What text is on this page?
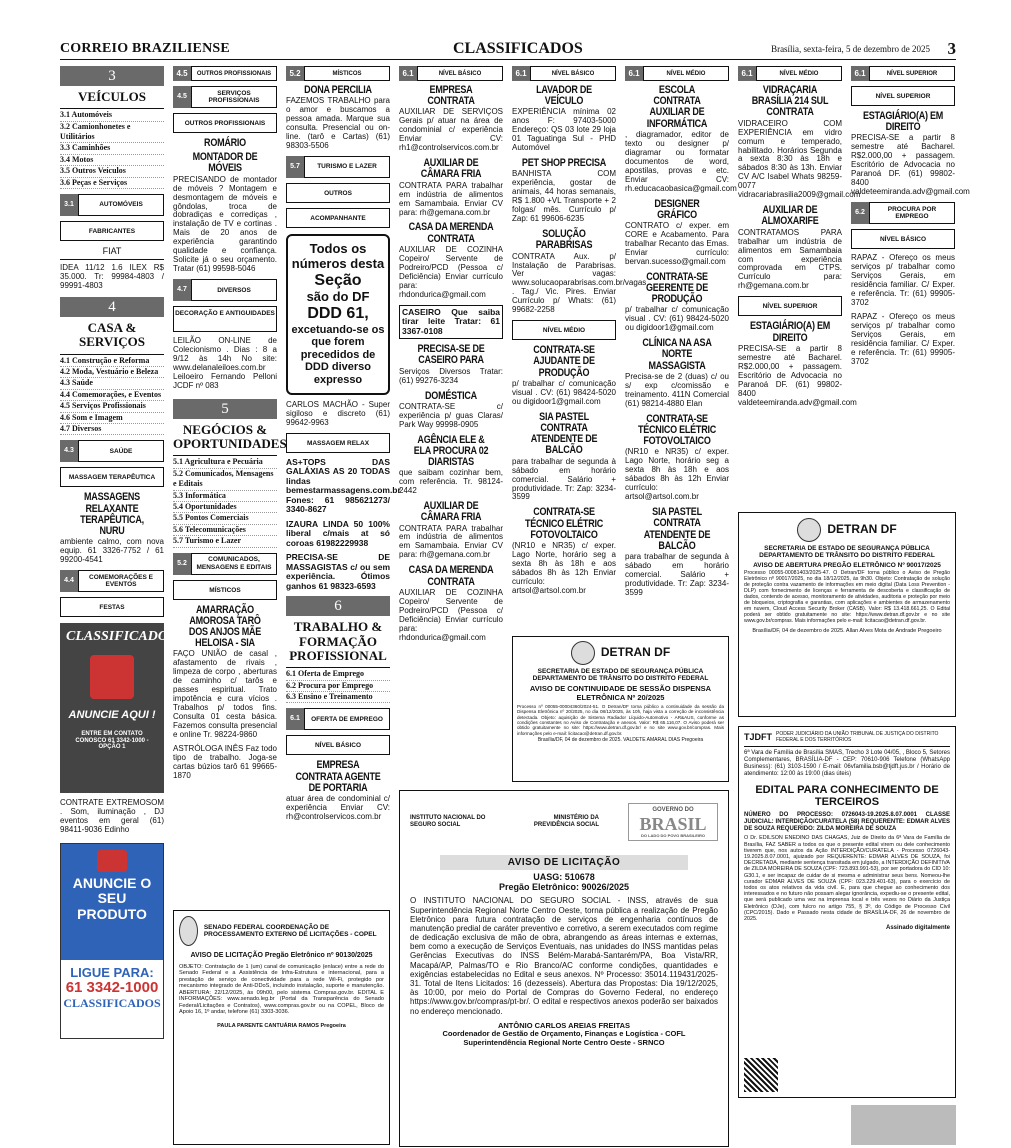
CORREIO BRAZILIENSE	CLASSIFICADOS	Brasília, sexta-feira, 5 de dezembro de 2025 3
3
VEÍCULOS
3.1 Automóveis
3.2 Camionhonetes e Utilitários
3.3 Caminhões
3.4 Motos
3.5 Outros Veículos
3.6 Peças e Serviços
3.1	AUTOMÓVEIS
FABRICANTES
FIAT

IDEA 11/12 1.6 ILEX R$ 35.000. Tr: 99984-4803 / 99991-4803

4
CASA & SERVIÇOS
4.1 Construção e Reforma
4.2 Moda, Vestuário e Beleza
4.3 Saúde
4.4 Comemorações, e Eventos
4.5 Serviços Profissionais
4.6 Som e Imagem
4.7 Diversos
4.3	SAÚDE
MASSAGEM TERAPÊUTICA
MASSAGENS RELAXANTE TERAPÊUTICA, NURU

ambiente calmo, com nova equip. 61 3326-7752 / 61 99200-4541

4.4	COMEMORAÇÕES E EVENTOS
FESTAS
CLASSIFICADOS
ANUNCIE AQUI !
ENTRE EM CONTATO CONOSCO 61 3342-1000 - OPÇÃO 1

CONTRATE EXTREMOSOM . Som, iluminação , DJ eventos em geral (61) 98411-9036 Edinho

ANUNCIE O SEU PRODUTO
LIGUE PARA:
61 3342-1000
CLASSIFICADOS
4.5	OUTROS PROFISSIONAIS
4.5	SERVIÇOS PROFISSIONAIS
OUTROS PROFISSIONAIS
ROMÁRIO
MONTADOR DE MÓVEIS

PRECISANDO de montador de móveis ? Montagem e desmontagem de móveis e gôndolas, troca de dobradiças e corrediças , instalação de TV e cortinas . Mais de 20 anos de experiência garantindo qualidade e confiança. Solicite já o seu orçamento. Tratar (61) 99598-5046

4.7	DIVERSOS
DECORAÇÃO E ANTIGUIDADES

LEILÃO ON-LINE de Colecionismo . Dias : 8 a 9/12 às 14h No site: www.delanaleiloes.com.br Leiloeiro Fernando Pelloni JCDF nº 083

5
NEGÓCIOS & OPORTUNIDADES
5.1 Agricultura e Pecuária
5.2 Comunicados, Mensagens e Editais
5.3 Informática
5.4 Oportunidades
5.5 Pontos Comerciais
5.6 Telecomunicações
5.7 Turismo e Lazer
5.2	COMUNICADOS, MENSAGENS E EDITAIS
MÍSTICOS
AMARRAÇÃO AMOROSA TARÔ DOS ANJOS MÃE HELOISA - SIA

FAÇO UNIÃO de casal , afastamento de rivais , limpeza de corpo , aberturas de caminho c/ tarôs e passes espiritual. Trato impotência e cura vícios . Trabalhos p/ todos fins. Consulta 01 cesta básica. Fazemos consulta presencial e online Tr. 98224-9860

ASTRÓLOGA INÊS Faz todo tipo de trabalho. Joga-se cartas búzios tarô 61 99665-1870

5.2	MÍSTICOS
DONA PERCILIA

FAZEMOS TRABALHO para o amor e buscamos a pessoa amada. Marque sua consulta. Presencial ou on-line. (tarô e Cartas) (61) 98303-5506

5.7	TURISMO E LAZER
OUTROS
ACOMPANHANTE
Todos os números desta
Seção
são do DF
DDD 61,
excetuando-se os que forem precedidos de DDD diverso expresso

CARLOS MACHÃO - Super sigiloso e discreto (61) 99642-9963

MASSAGEM RELAX

AS+TOPS DAS GALÁXIAS AS 20 TODAS lindas bemestarmassagens.com.br Fones: 61 985621273/ 3340-8627

IZAURA LINDA 50 100% liberal c/mais at só coroas 61982229938

PRECISA-SE DE MASSAGISTAS c/ ou sem experiência. Ótimos ganhos 61 98323-6593

6
TRABALHO & FORMAÇÃO PROFISSIONAL
6.1 Oferta de Emprego
6.2 Procura por Emprego
6.3 Ensino e Treinamento
6.1	OFERTA DE EMPREGO
NÍVEL BÁSICO
EMPRESA CONTRATA AGENTE DE PORTARIA

atuar área de condominial c/ experiência Enviar CV: rh@controlservicos.com.br

6.1	NÍVEL BÁSICO
EMPRESA CONTRATA

AUXILIAR DE SERVIÇOS Gerais p/ atuar na área de condominial c/ experiência Enviar CV: rh1@controlservicos.com.br

AUXILIAR DE CÂMARA FRIA

CONTRATA PARA trabalhar em indústria de alimentos em Samambaia. Enviar CV para: rh@gemana.com.br

CASA DA MERENDA CONTRATA

AUXILIAR DE COZINHA Copeiro/ Servente de Podreiro/PCD (Pessoa c/ Deficiência) Enviar currículo para: rhdondurica@gmail.com

CASEIRO Que saiba tirar leite Tratar: 61 3367-0108

PRECISA-SE DE CASEIRO PARA

Serviços Diversos Tratar: (61) 99276-3234

DOMÉSTICA

CONTRATA-SE c/ experiência p/ guas Claras/ Park Way 99998-0905

AGÊNCIA ELE & ELA PROCURA 02 DIARISTAS

que saibam cozinhar bem, com referência. Tr. 98124-2442

AUXILIAR DE CÂMARA FRIA

CONTRATA PARA trabalhar em indústria de alimentos em Samambaia. Enviar CV para: rh@gemana.com.br

CASA DA MERENDA CONTRATA

AUXILIAR DE COZINHA Copeiro/ Servente de Podreiro/PCD (Pessoa c/ Deficiência) Enviar currículo para: rhdondurica@gmail.com

6.1	NÍVEL BÁSICO
LAVADOR DE VEÍCULO

EXPERIÊNCIA mínima 02 anos F: 97403-5000 Endereço: QS 03 lote 29 loja 01 Taguatinga Sul - PHD Automóvel

PET SHOP PRECISA

BANHISTA COM experiência, gostar de animais, 44 horas semanais, R$ 1.800 +VL Transporte + 2 folgas/ mês. Currículo p/ Zap: 61 99606-6235

SOLUÇÃO PARABRISAS

CONTRATA Aux. p/ Instalação de Parabrisas. Ver vagas: www.solucaoparabrisas.com.br/vagas . Tag./ Vic. Pires. Enviar Currículo p/ Whats: (61) 99682-2258

NÍVEL MÉDIO
CONTRATA-SE AJUDANTE DE PRODUÇÃO

p/ trabalhar c/ comunicação visual . CV: (61) 98424-5020 ou digidoor1@gmail.com

SIA PASTEL CONTRATA ATENDENTE DE BALCÃO

para trabalhar de segunda à sábado em horário comercial. Salário + produtividade. Tr: Zap: 3234-3599

CONTRATA-SE TÉCNICO ELÉTRIC FOTOVOLTAICO

(NR10 e NR35) c/ exper. Lago Norte, horário seg a sexta 8h às 18h e aos sábados 8h às 12h Enviar currículo: artsol@artsol.com.br

6.1	NÍVEL MÉDIO
ESCOLA CONTRATA AUXILIAR DE INFORMÁTICA

, diagramador, editor de texto ou designer p/ diagramar ou formatar documentos de word, apostilas, provas e etc. Enviar CV: rh.educacaobasica@gmail.com

DESIGNER GRÁFICO

CONTRATO c/ exper. em CORE e Acabamento. Para trabalhar Recanto das Emas. Enviar currículo: bervan.sucesso@gmail.com

CONTRATA-SE GEERENTE DE PRODUÇÃO

p/ trabalhar c/ comunicação visual . CV: (61) 98424-5020 ou digidoor1@gmail.com

CLÍNICA NA ASA NORTE MASSAGISTA

Precisa-se de 2 (duas) c/ ou s/ exp c/comissão e treinamento. 411N Comercial (61) 98214-4880 Elan

CONTRATA-SE TÉCNICO ELÉTRIC FOTOVOLTAICO

(NR10 e NR35) c/ exper. Lago Norte, horário seg a sexta 8h às 18h e aos sábados 8h às 12h Enviar currículo: artsol@artsol.com.br

SIA PASTEL CONTRATA ATENDENTE DE BALCÃO

para trabalhar de segunda à sábado em horário comercial. Salário + produtividade. Tr: Zap: 3234-3599

6.1	NÍVEL MÉDIO
VIDRAÇARIA BRASÍLIA 214 SUL CONTRATA

VIDRACEIRO COM EXPERIÊNCIA em vidro comum e temperado, habilitado. Horários Segunda a sexta 8:30 às 18h e sábados 8:30 às 13h. Enviar CV A/C Isabel Whats 98259-0077 vidracariabrasilia2009@gmail.com

AUXILIAR DE ALMOXARIFE

CONTRATAMOS PARA trabalhar um indústria de alimentos em Samambaia com experiência comprovada em CTPS. Currículo para: rh@gemana.com.br

NÍVEL SUPERIOR
ESTAGIÁRIO(A) EM DIREITO

PRECISA-SE a partir 8 semestre até Bacharel. R$2.000,00 + passagem. Escritório de Advocacia no Paranoá DF. (61) 99802-8400 valdeteemiranda.adv@gmail.com

6.1	NÍVEL SUPERIOR
NÍVEL SUPERIOR
ESTAGIÁRIO(A) EM DIREITO

PRECISA-SE a partir 8 semestre até Bacharel. R$2.000,00 + passagem. Escritório de Advocacia no Paranoá DF. (61) 99802-8400 valdeteemiranda.adv@gmail.com

6.2	PROCURA POR EMPREGO
NÍVEL BÁSICO

RAPAZ - Ofereço os meus serviços p/ trabalhar como Serviços Gerais, em residência familiar. C/ Exper. e referência. Tr: (61) 99905-3702

RAPAZ - Ofereço os meus serviços p/ trabalhar como Serviços Gerais, em residência familiar. C/ Exper. e referência. Tr: (61) 99905-3702

DETRAN DF
SECRETARIA DE ESTADO DE SEGURANÇA PÚBLICA DEPARTAMENTO DE TRÂNSITO DO DISTRITO FEDERAL
AVISO DE CONTINUIDADE DE SESSÃO DISPENSA ELETRÔNICA Nº 20/2025
Processo nº 00055-00004360/2024-51. O Detran/DF torna público a continuidade da sessão da Dispensa Eletrônica nº 20/2025, no dia 08/12/2025, às 10h, haja vista a correção de inconsistência detectada. Objeto: aquisição de Sistema Radiador Líquido-Automotivo - AR&AUS, conforme as condições constantes no Aviso de Contratação e anexos. Valor: R$ 65.116,07. O Aviso poderá ser obtido gratuitamente no site: https://www.detran.df.gov.br/ e no site www.gov.br/compras. Mais informações pelo e-mail: licitacao@detran.df.gov.br.
Brasília/DF, 04 de dezembro de 2025. VALDETE AMARAL DIAS Pregoeira
DETRAN DF
SECRETARIA DE ESTADO DE SEGURANÇA PÚBLICA DEPARTAMENTO DE TRÂNSITO DO DISTRITO FEDERAL
AVISO DE ABERTURA PREGÃO ELETRÔNICO Nº 90017/2025
Processo 00055-00081403/2025-47. O Detran/DF torna público o Aviso de Pregão Eletrônico nº 90017/2025, no dia 18/12/2025, às 9h30. Objeto: Contratação de solução de proteção contra vazamento de informações em meio digital (Data Loss Prevention - DLP) com fornecimento de licenças e ferramenta de descoberta e classificação de dados, contendo de acesso, monitoramento de atividades, auditoria e proteção por meio de bloqueios, criptografia e garantias, com aplicações e ambientes de armazenamento em nuvem, Cloud Access Security Broker (CASB). Valor: R$ 13.418.661,25. O Edital poderá ser obtido gratuitamente no site: https://www.detran.df.gov.br e no site www.gov.br/compras. Mais informações pelo e-mail: licitacao@detran.df.gov.br.
Brasília/DF, 04 de dezembro de 2025. Allan Alves Mota de Andrade Pregoeiro
SENADO FEDERAL COORDENAÇÃO DE PROCESSAMENTO EXTERNO DE LICITAÇÕES - COPEL
AVISO DE LICITAÇÃO Pregão Eletrônico nº 90130/2025
OBJETO: Contratação de 1 (um) canal de comunicação (enlace) entre a rede do Senado Federal e a Assistência de Infra-Estrutura e internacional, para a prestação de serviço de conectividade para a rede Wi-Fi, protegido por mecanismo integrado de Anti-DDoS, incluindo instalação, suporte e manutenção. ABERTURA: 22/12/2025, às 09h00, pelo sistema Compras.gov.br. EDITAL E INFORMAÇÕES: www.senado.leg.br (Portal da Transparência do Senado Federal/Licitações e Contratos), www.compras.gov.br ou na COPEL, Bloco de Apoio 16, 1º andar, telefone (61) 3303-3036.
PAULA PARENTE CANTUÁRIA RAMOS Pregoeira
INSTITUTO NACIONAL DO SEGURO SOCIAL
MINISTÉRIO DA PREVIDÊNCIA SOCIAL
GOVERNO DO
BRASIL
DO LADO DO POVO BRASILEIRO
AVISO DE LICITAÇÃO
UASG: 510678
Pregão Eletrônico: 90026/2025
O INSTITUTO NACIONAL DO SEGURO SOCIAL - INSS, através de sua Superintendência Regional Norte Centro Oeste, torna pública a realização de Pregão Eletrônico para futura contratação de serviços de engenharia contínuos de manutenção predial de caráter preventivo e corretivo, a serem executados com regime de dedicação exclusiva de mão de obra, abrangendo as áreas internas e externas, bem como a execução de Serviços Eventuais, nas unidades do INSS mantidas pelas Gerências Executivas do INSS Belém-Marabá-Santarém/PA, Boa Vista/RR, Macapá/AP, Palmas/TO e Rio Branco/AC conforme condições, quantidades e exigências estabelecidas no Edital e seus anexos. Nº Processo: 35014.119431/2025-31. Total de Itens Licitados: 16 (dezesseis). Abertura das Propostas: Dia 19/12/2025, às 10:00, por meio do Portal de Compras do Governo Federal, no endereço https://www.gov.br/compras/pt-br/. O edital e respectivos anexos poderão ser baixados no endereço mencionado.
ANTÔNIO CARLOS AREIAS FREITAS
Coordenador de Gestão de Orçamento, Finanças e Logística - COFL
Superintendência Regional Norte Centro Oeste - SRNCO
TJDFT PODER JUDICIÁRIO DA UNIÃO TRIBUNAL DE JUSTIÇA DO DISTRITO FEDERAL E DOS TERRITÓRIOS
6ª Vara de Família de Brasília SMAS, Trecho 3 Lote 04/05, , Bloco 5, Setores Complementares, BRASÍLIA-DF - CEP: 70610-906 Telefone (WhatsApp Business): (61) 3103-1590 / E-mail: 06vfamilia.bsb@tjdft.jus.br / Horário de atendimento: 12:00 às 19:00 (dias úteis)
EDITAL PARA CONHECIMENTO DE TERCEIROS
NÚMERO DO PROCESSO: 0726043-19.2025.8.07.0001 CLASSE JUDICIAL: INTERDIÇÃO/CURATELA (58) REQUERENTE: EDMAR ALVES DE SOUZA REQUERIDO: ZILDA MOREIRA DE SOUZA
O Dr. EDILSON ENEDINO DAS CHAGAS, Juiz de Direito da 6ª Vara de Família de Brasília, FAZ SABER a todos os que o presente edital virem ou dele conhecimento tiverem que, nos autos da Ação INTERDIÇÃO/CURATELA - Processo 0726043-19.2025.8.07.0001, ajuizado por REQUERENTE: EDMAR ALVES DE SOUZA, foi DECRETADA, mediante sentença transitada em julgado, a INTERDIÇÃO DEFINITIVA de ZILDA MOREIRA DE SOUZA (CPF: 723.893.991-53), por ser portadora do CID 10: G30.1, e ser incapaz de cuidar de si mesma e administrar seus bens. Nomeou-lhe curador EDMAR ALVES DE SOUZA (CPF: 023.229.401-63), para o exercício de todos os atos relativos da vida civil. E, para que chegue ao conhecimento dos interessados e no futuro não possam alegar ignorância, expediu-se o presente edital, que será publicado uma vez na imprensa local e três vezes no Diário da Justiça Eletrônico (DJe), com fulcro no artigo 755, § 3º, do Código de Processo Civil (CPC/2015). Dado e Passado nesta cidade de BRASÍLIA-DF, 26 de novembro de 2025.
Assinado digitalmente
